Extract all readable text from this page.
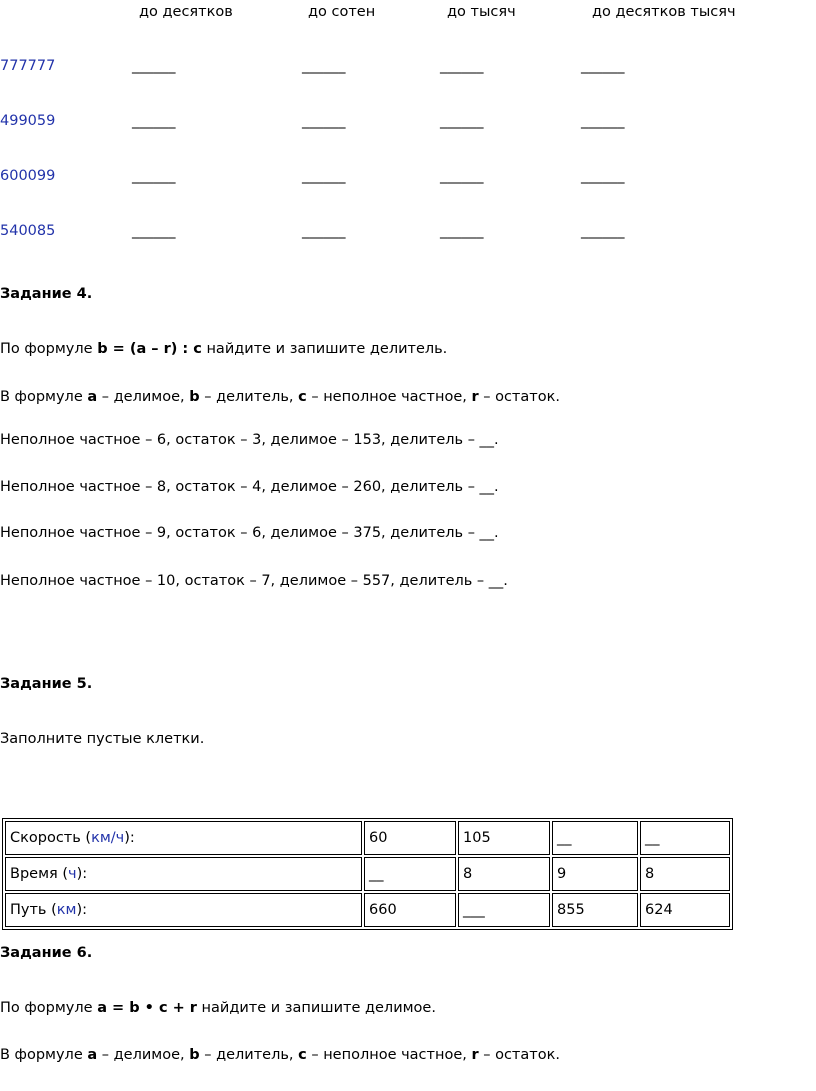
до десятков	до сотен	до тысяч	до десятков тысяч
777777	______	______	______	______
499059	______	______	______	______
600099	______	______	______	______
540085	______	______	______	______
Задание 4.
По формуле b = (a – r) : c найдите и запишите делитель.
В формуле a – делимое, b – делитель, c – неполное частное, r – остаток.
Неполное частное – 6, остаток – 3, делимое – 153, делитель – __.
Неполное частное – 8, остаток – 4, делимое – 260, делитель – __.
Неполное частное – 9, остаток – 6, делимое – 375, делитель – __.
Неполное частное – 10, остаток – 7, делимое – 557, делитель – __.
Задание 5.
Заполните пустые клетки.
Скорость (км/ч):	60	105	__	__
Время (ч):	__	8	9	8
Путь (км):	660	___	855	624
Задание 6.
По формуле a = b • c + r найдите и запишите делимое.
В формуле a – делимое, b – делитель, c – неполное частное, r – остаток.
